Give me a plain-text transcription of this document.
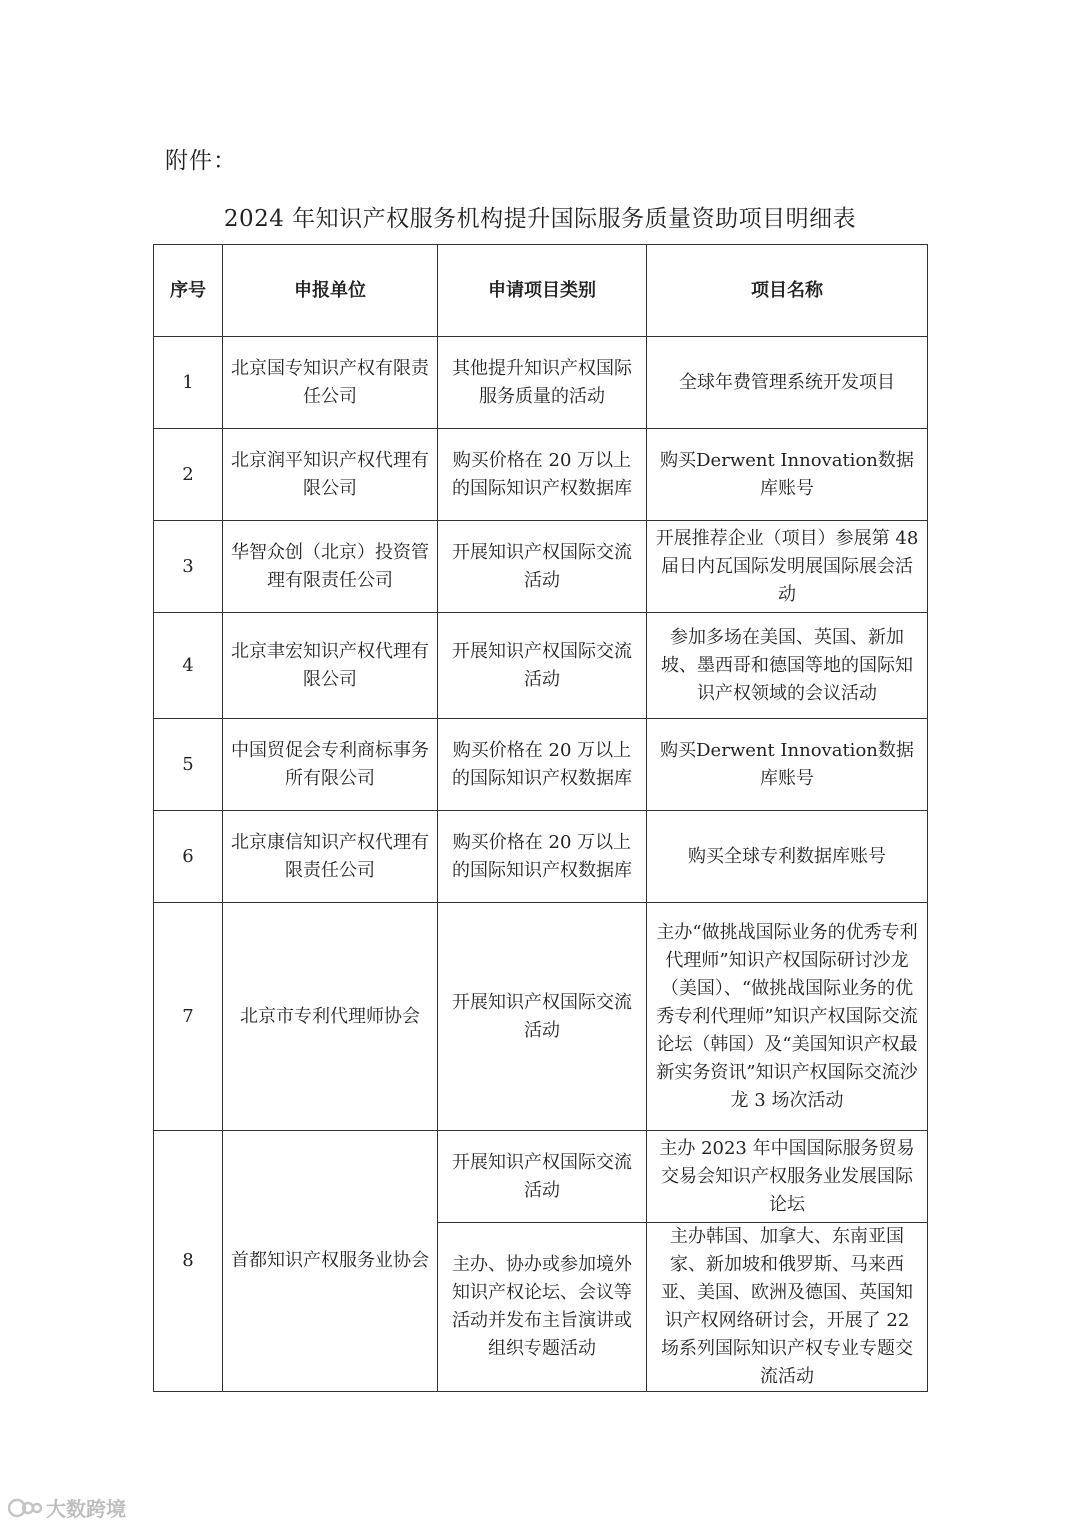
附件：
2024 年知识产权服务机构提升国际服务质量资助项目明细表
序号	申报单位	申请项目类别	项目名称
1	北京国专知识产权有限责任公司	其他提升知识产权国际服务质量的活动	全球年费管理系统开发项目
2	北京润平知识产权代理有限公司	购买价格在 20 万以上的国际知识产权数据库	购买Derwent Innovation数据库账号
3	华智众创（北京）投资管理有限责任公司	开展知识产权国际交流活动	开展推荐企业（项目）参展第 48 届日内瓦国际发明展国际展会活动
4	北京聿宏知识产权代理有限公司	开展知识产权国际交流活动	参加多场在美国、英国、新加坡、墨西哥和德国等地的国际知识产权领域的会议活动
5	中国贸促会专利商标事务所有限公司	购买价格在 20 万以上的国际知识产权数据库	购买Derwent Innovation数据库账号
6	北京康信知识产权代理有限责任公司	购买价格在 20 万以上的国际知识产权数据库	购买全球专利数据库账号
7	北京市专利代理师协会	开展知识产权国际交流活动	主办“做挑战国际业务的优秀专利代理师”知识产权国际研讨沙龙（美国）、“做挑战国际业务的优秀专利代理师”知识产权国际交流论坛（韩国）及“美国知识产权最新实务资讯”知识产权国际交流沙龙 3 场次活动
8	首都知识产权服务业协会	开展知识产权国际交流活动	主办 2023 年中国国际服务贸易交易会知识产权服务业发展国际论坛
		主办、协办或参加境外知识产权论坛、会议等活动并发布主旨演讲或组织专题活动	主办韩国、加拿大、东南亚国家、新加坡和俄罗斯、马来西亚、美国、欧洲及德国、英国知识产权网络研讨会，开展了 22 场系列国际知识产权专业专题交流活动
大数跨境
